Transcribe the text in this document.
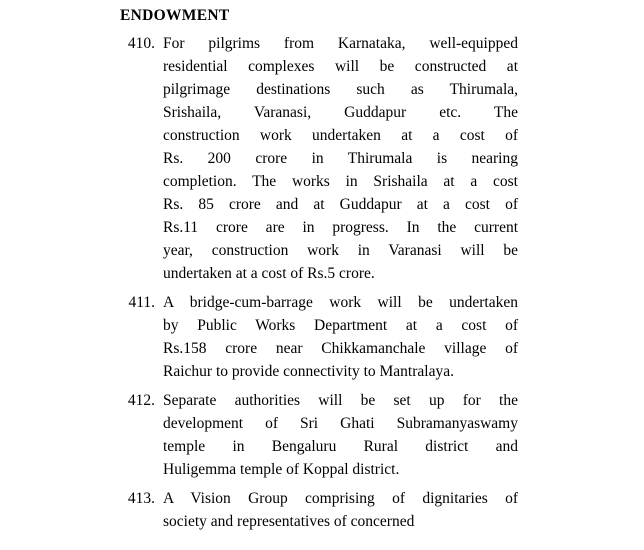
ENDOWMENT
410. For pilgrims from Karnataka, well-equipped
residential complexes will be constructed at
pilgrimage destinations such as Thirumala,
Srishaila, Varanasi, Guddapur etc. The
construction work undertaken at a cost of
Rs. 200 crore in Thirumala is nearing
completion. The works in Srishaila at a cost
Rs. 85 crore and at Guddapur at a cost of
Rs.11 crore are in progress. In the current
year, construction work in Varanasi will be
undertaken at a cost of Rs.5 crore.
411. A bridge-cum-barrage work will be undertaken
by Public Works Department at a cost of
Rs.158 crore near Chikkamanchale village of
Raichur to provide connectivity to Mantralaya.
412. Separate authorities will be set up for the
development of Sri Ghati Subramanyaswamy
temple in Bengaluru Rural district and
Huligemma temple of Koppal district.
413. A Vision Group comprising of dignitaries of
society and representatives of concerned
